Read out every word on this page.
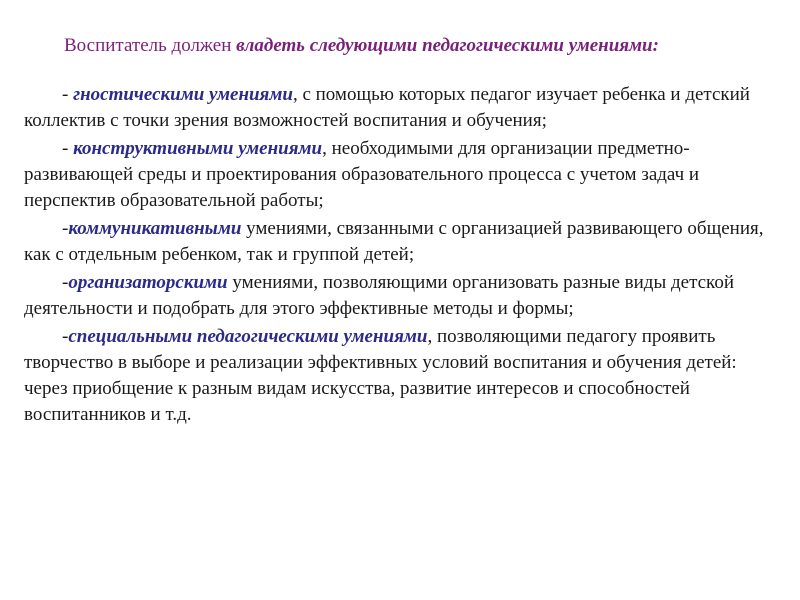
Воспитатель должен владеть следующими педагогическими умениями:

- гностическими умениями, с помощью которых педагог изучает ребенка и детский коллектив с точки зрения возможностей воспитания и обучения;

- конструктивными умениями, необходимыми для организации предметно-развивающей среды и проектирования образовательного процесса с учетом задач и перспектив образовательной работы;

-коммуникативными умениями, связанными с организацией развивающего общения, как с отдельным ребенком, так и группой детей;

-организаторскими умениями, позволяющими организовать разные виды детской деятельности и подобрать для этого эффективные методы и формы;

-специальными педагогическими умениями, позволяющими педагогу проявить творчество в выборе и реализации эффективных условий воспитания и обучения детей: через приобщение к разным видам искусства, развитие интересов и способностей воспитанников и т.д.
